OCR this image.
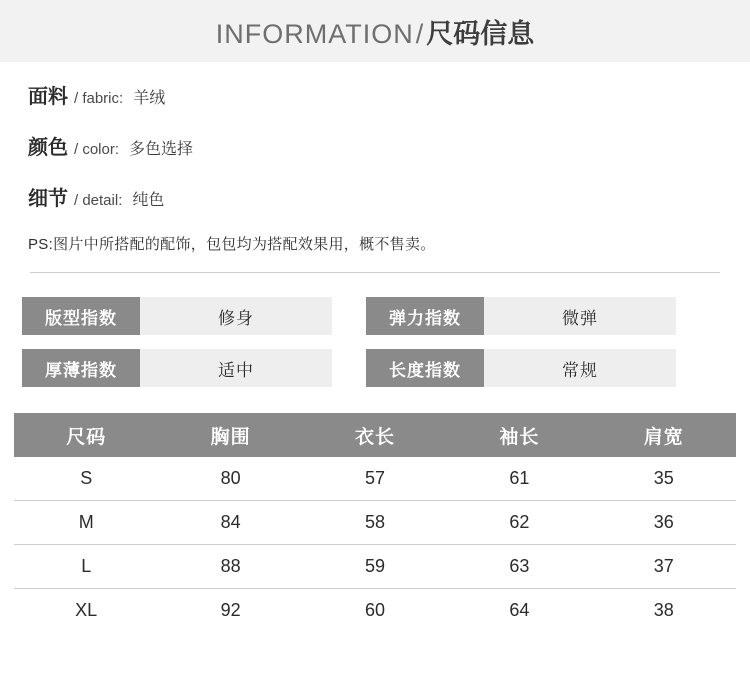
INFORMATION/尺码信息
面料 / fabric: 羊绒
颜色 / color: 多色选择
细节 / detail: 纯色
PS:图片中所搭配的配饰，包包均为搭配效果用，概不售卖。
版型指数	修身	弹力指数	微弹
厚薄指数	适中	长度指数	常规
尺码	胸围	衣长	袖长	肩宽
S	80	57	61	35
M	84	58	62	36
L	88	59	63	37
XL	92	60	64	38
